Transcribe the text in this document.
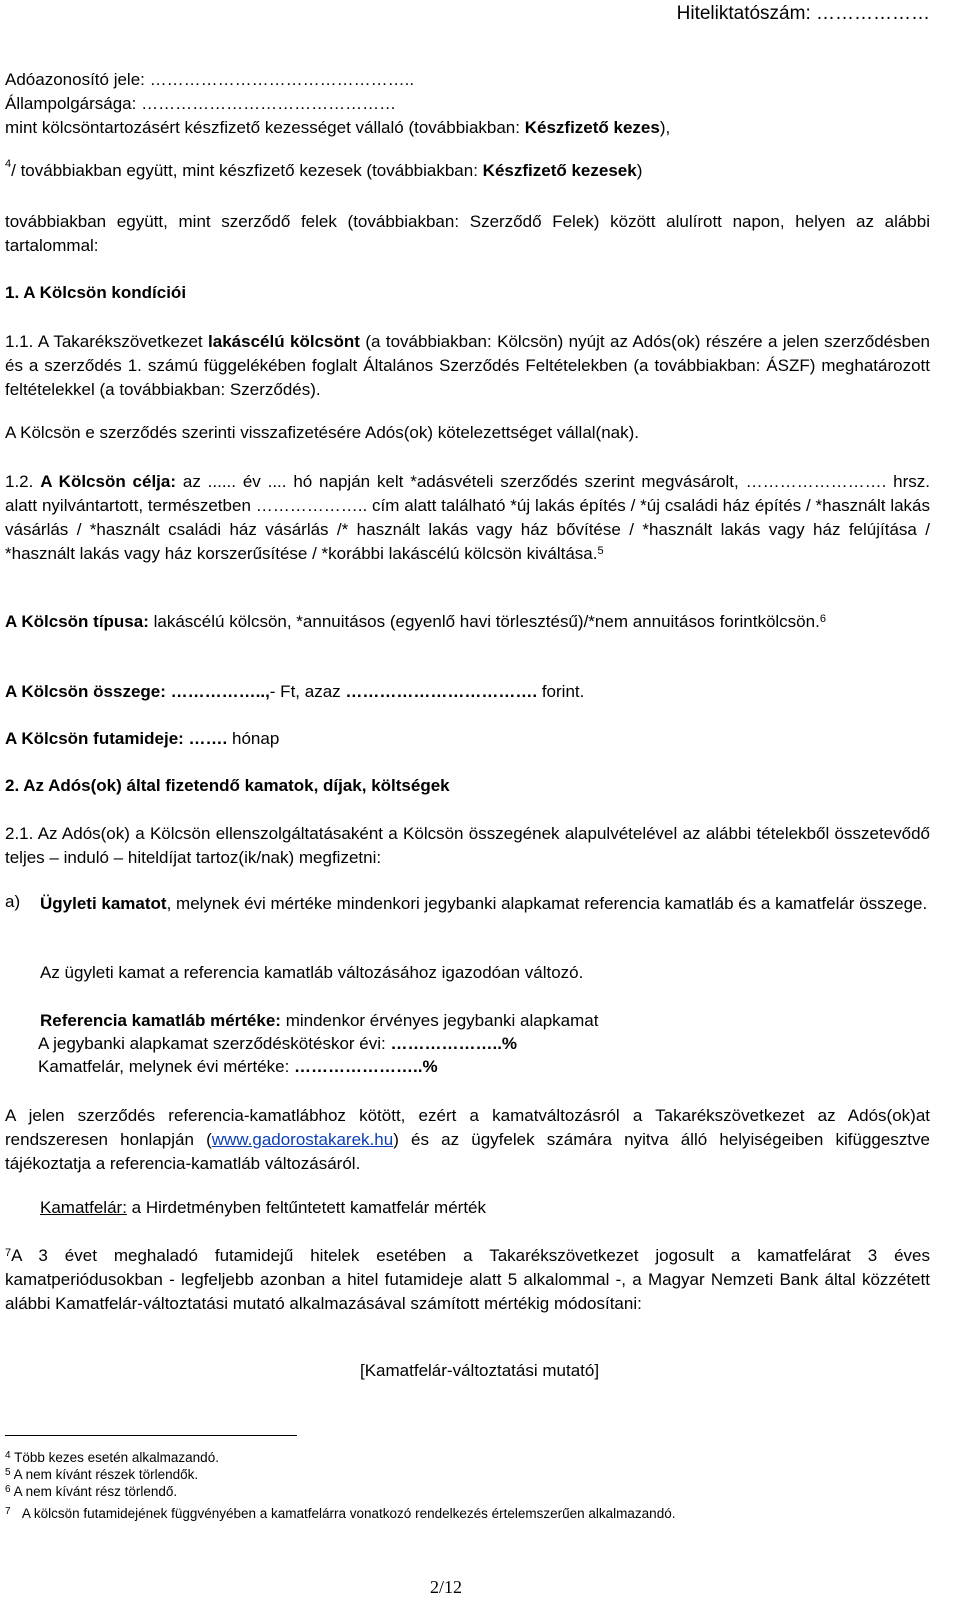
Hiteliktatószám: ………………
Adóazonosító jele: ………………………………………..
Állampolgársága: ………………………………………
mint kölcsöntartozásért készfizető kezességet vállaló (továbbiakban: Készfizető kezes),
$^4$/ továbbiakban együtt, mint készfizető kezesek (továbbiakban: Készfizető kezesek)
továbbiakban együtt, mint szerződő felek (továbbiakban: Szerződő Felek) között alulírott napon, helyen az alábbi tartalommal:
1. A Kölcsön kondíciói
1.1. A Takarékszövetkezet lakáscélú kölcsönt (a továbbiakban: Kölcsön) nyújt az Adós(ok) részére a jelen szerződésben és a szerződés 1. számú függelékében foglalt Általános Szerződés Feltételekben (a továbbiakban: ÁSZF) meghatározott feltételekkel (a továbbiakban: Szerződés).
A Kölcsön e szerződés szerinti visszafizetésére Adós(ok) kötelezettséget vállal(nak).
1.2. A Kölcsön célja: az ...... év .... hó napján kelt *adásvételi szerződés szerint megvásárolt, ……………………. hrsz. alatt nyilvántartott, természetben ……………….. cím alatt található *új lakás építés / *új családi ház építés / *használt lakás vásárlás / *használt családi ház vásárlás /* használt lakás vagy ház bővítése / *használt lakás vagy ház felújítása / *használt lakás vagy ház korszerűsítése / *korábbi lakáscélú kölcsön kiváltása.$^5$
A Kölcsön típusa: lakáscélú kölcsön, *annuitásos (egyenlő havi törlesztésű)/*nem annuitásos forintkölcsön.$^6$
A Kölcsön összege: ……………..,- Ft, azaz ……………………………. forint.
A Kölcsön futamideje: ……. hónap
2. Az Adós(ok) által fizetendő kamatok, díjak, költségek
2.1. Az Adós(ok) a Kölcsön ellenszolgáltatásaként a Kölcsön összegének alapulvételével az alábbi tételekből összetevődő teljes – induló – hiteldíjat tartoz(ik/nak) megfizetni:
a) Ügyleti kamatot, melynek évi mértéke mindenkori jegybanki alapkamat referencia kamatláb és a kamatfelár összege.
Az ügyleti kamat a referencia kamatláb változásához igazodóan változó.
Referencia kamatláb mértéke: mindenkor érvényes jegybanki alapkamat
A jegybanki alapkamat szerződéskötéskor évi: ………………..%
Kamatfelár, melynek évi mértéke: …………………..%
A jelen szerződés referencia-kamatlábhoz kötött, ezért a kamatváltozásról a Takarékszövetkezet az Adós(ok)at rendszeresen honlapján (www.gadorostakarek.hu) és az ügyfelek számára nyitva álló helyiségeiben kifüggesztve tájékoztatja a referencia-kamatláb változásáról.
Kamatfelár: a Hirdetményben feltűntetett kamatfelár mérték
$^7$A 3 évet meghaladó futamidejű hitelek esetében a Takarékszövetkezet jogosult a kamatfelárat 3 éves kamatperiódusokban - legfeljebb azonban a hitel futamideje alatt 5 alkalommal -, a Magyar Nemzeti Bank által közzétett alábbi Kamatfelár-változtatási mutató alkalmazásával számított mértékig módosítani:
[Kamatfelár-változtatási mutató]
$^4$ Több kezes esetén alkalmazandó.
$^5$ A nem kívánt részek törlendők.
$^6$ A nem kívánt rész törlendő.
$^7$ A kölcsön futamidejének függvényében a kamatfelárra vonatkozó rendelkezés értelemszerűen alkalmazandó.
2/12
